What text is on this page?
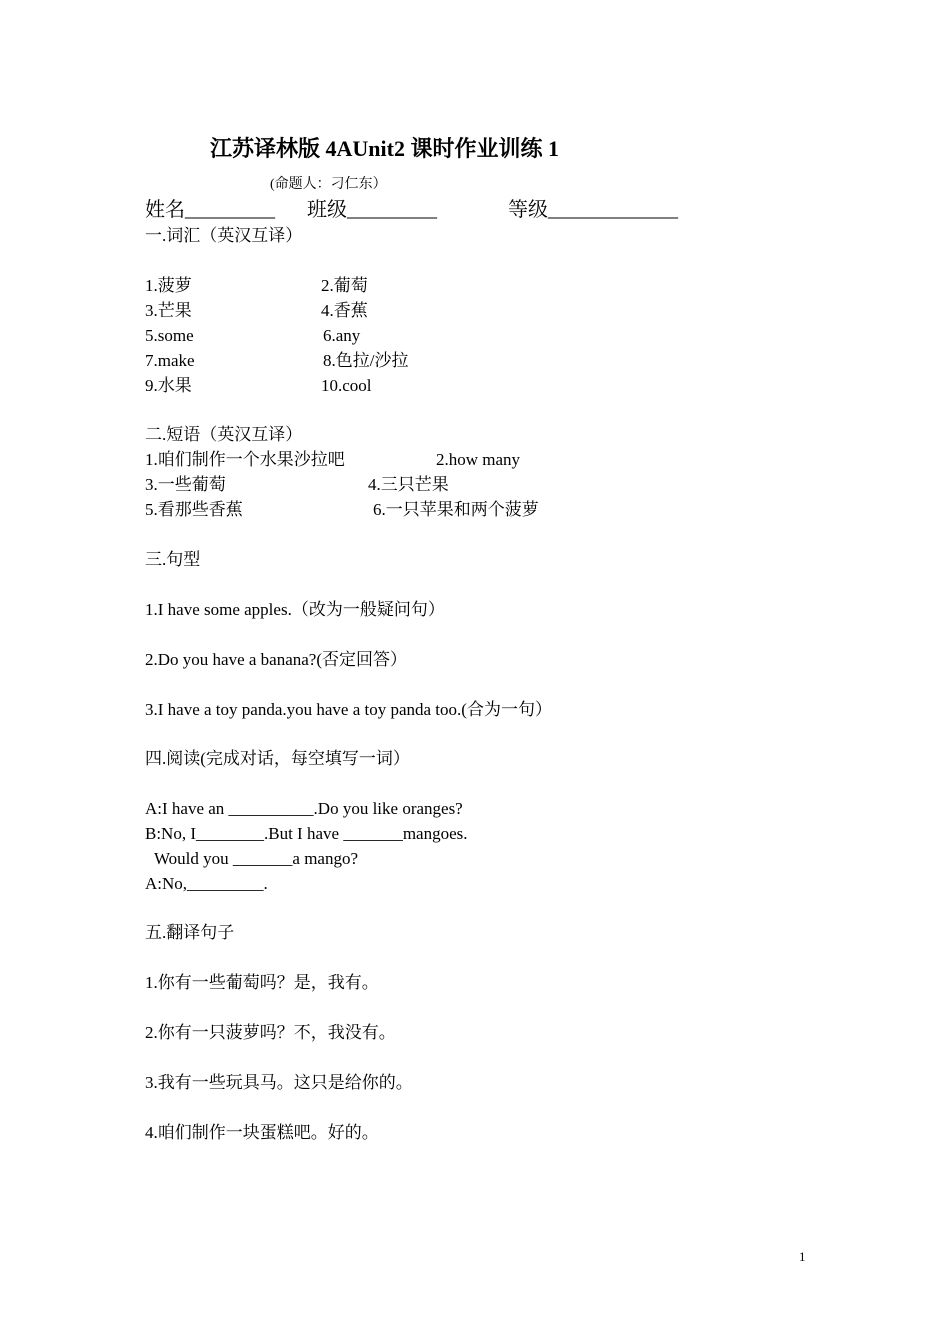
江苏译林版 4AUnit2 课时作业训练 1
(命题人：刁仁东）
姓名_________ 班级_________	等级_____________
一.词汇（英汉互译）
1.菠萝	2.葡萄
3.芒果	4.香蕉
5.some	6.any
7.make	8.色拉/沙拉
9.水果	10.cool
二.短语（英汉互译）
1.咱们制作一个水果沙拉吧	2.how many
3.一些葡萄	4.三只芒果
5.看那些香蕉	6.一只苹果和两个菠萝
三.句型
1.I have some apples.（改为一般疑问句）
2.Do you have a banana?(否定回答）
3.I have a toy panda.you have a toy panda too.(合为一句）
四.阅读(完成对话，每空填写一词）
A:I have an __________.Do you like oranges?
B:No, I________.But I have _______mangoes.
Would you _______a mango?
A:No,_________.
五.翻译句子
1.你有一些葡萄吗？是，我有。
2.你有一只菠萝吗？不，我没有。
3.我有一些玩具马。这只是给你的。
4.咱们制作一块蛋糕吧。好的。
1
